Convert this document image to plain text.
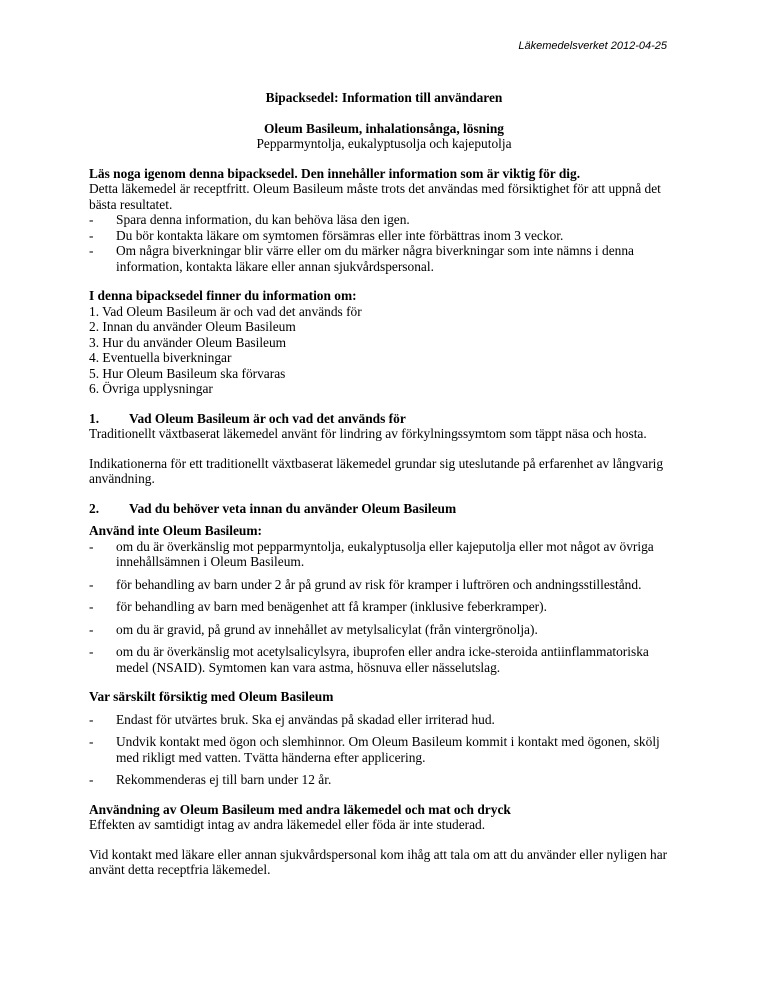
Läkemedelsverket 2012-04-25

Bipacksedel: Information till användaren

Oleum Basileum, inhalationsånga, lösning

Pepparmyntolja, eukalyptusolja och kajeputolja

Läs noga igenom denna bipacksedel. Den innehåller information som är viktig för dig.

Detta läkemedel är receptfritt. Oleum Basileum måste trots det användas med försiktighet för att uppnå det bästa resultatet.

- Spara denna information, du kan behöva läsa den igen.
- Du bör kontakta läkare om symtomen försämras eller inte förbättras inom 3 veckor.
- Om några biverkningar blir värre eller om du märker några biverkningar som inte nämns i denna information, kontakta läkare eller annan sjukvårdspersonal.

I denna bipacksedel finner du information om:

1. Vad Oleum Basileum är och vad det används för
2. Innan du använder Oleum Basileum
3. Hur du använder Oleum Basileum
4. Eventuella biverkningar
5. Hur Oleum Basileum ska förvaras
6. Övriga upplysningar

1. Vad Oleum Basileum är och vad det används för

Traditionellt växtbaserat läkemedel använt för lindring av förkylningssymtom som täppt näsa och hosta.

Indikationerna för ett traditionellt växtbaserat läkemedel grundar sig uteslutande på erfarenhet av långvarig användning.

2. Vad du behöver veta innan du använder Oleum Basileum

Använd inte Oleum Basileum:

- om du är överkänslig mot pepparmyntolja, eukalyptusolja eller kajeputolja eller mot något av övriga innehållsämnen i Oleum Basileum.
- för behandling av barn under 2 år på grund av risk för kramper i luftrören och andningsstillestånd.
- för behandling av barn med benägenhet att få kramper (inklusive feberkramper).
- om du är gravid, på grund av innehållet av metylsalicylat (från vintergrönolja).
- om du är överkänslig mot acetylsalicylsyra, ibuprofen eller andra icke-steroida antiinflammatoriska medel (NSAID). Symtomen kan vara astma, hösnuva eller nässelutslag.

Var särskilt försiktig med Oleum Basileum

- Endast för utvärtes bruk. Ska ej användas på skadad eller irriterad hud.
- Undvik kontakt med ögon och slemhinnor. Om Oleum Basileum kommit i kontakt med ögonen, skölj med rikligt med vatten. Tvätta händerna efter applicering.
- Rekommenderas ej till barn under 12 år.

Användning av Oleum Basileum med andra läkemedel och mat och dryck

Effekten av samtidigt intag av andra läkemedel eller föda är inte studerad.

Vid kontakt med läkare eller annan sjukvårdspersonal kom ihåg att tala om att du använder eller nyligen har använt detta receptfria läkemedel.
